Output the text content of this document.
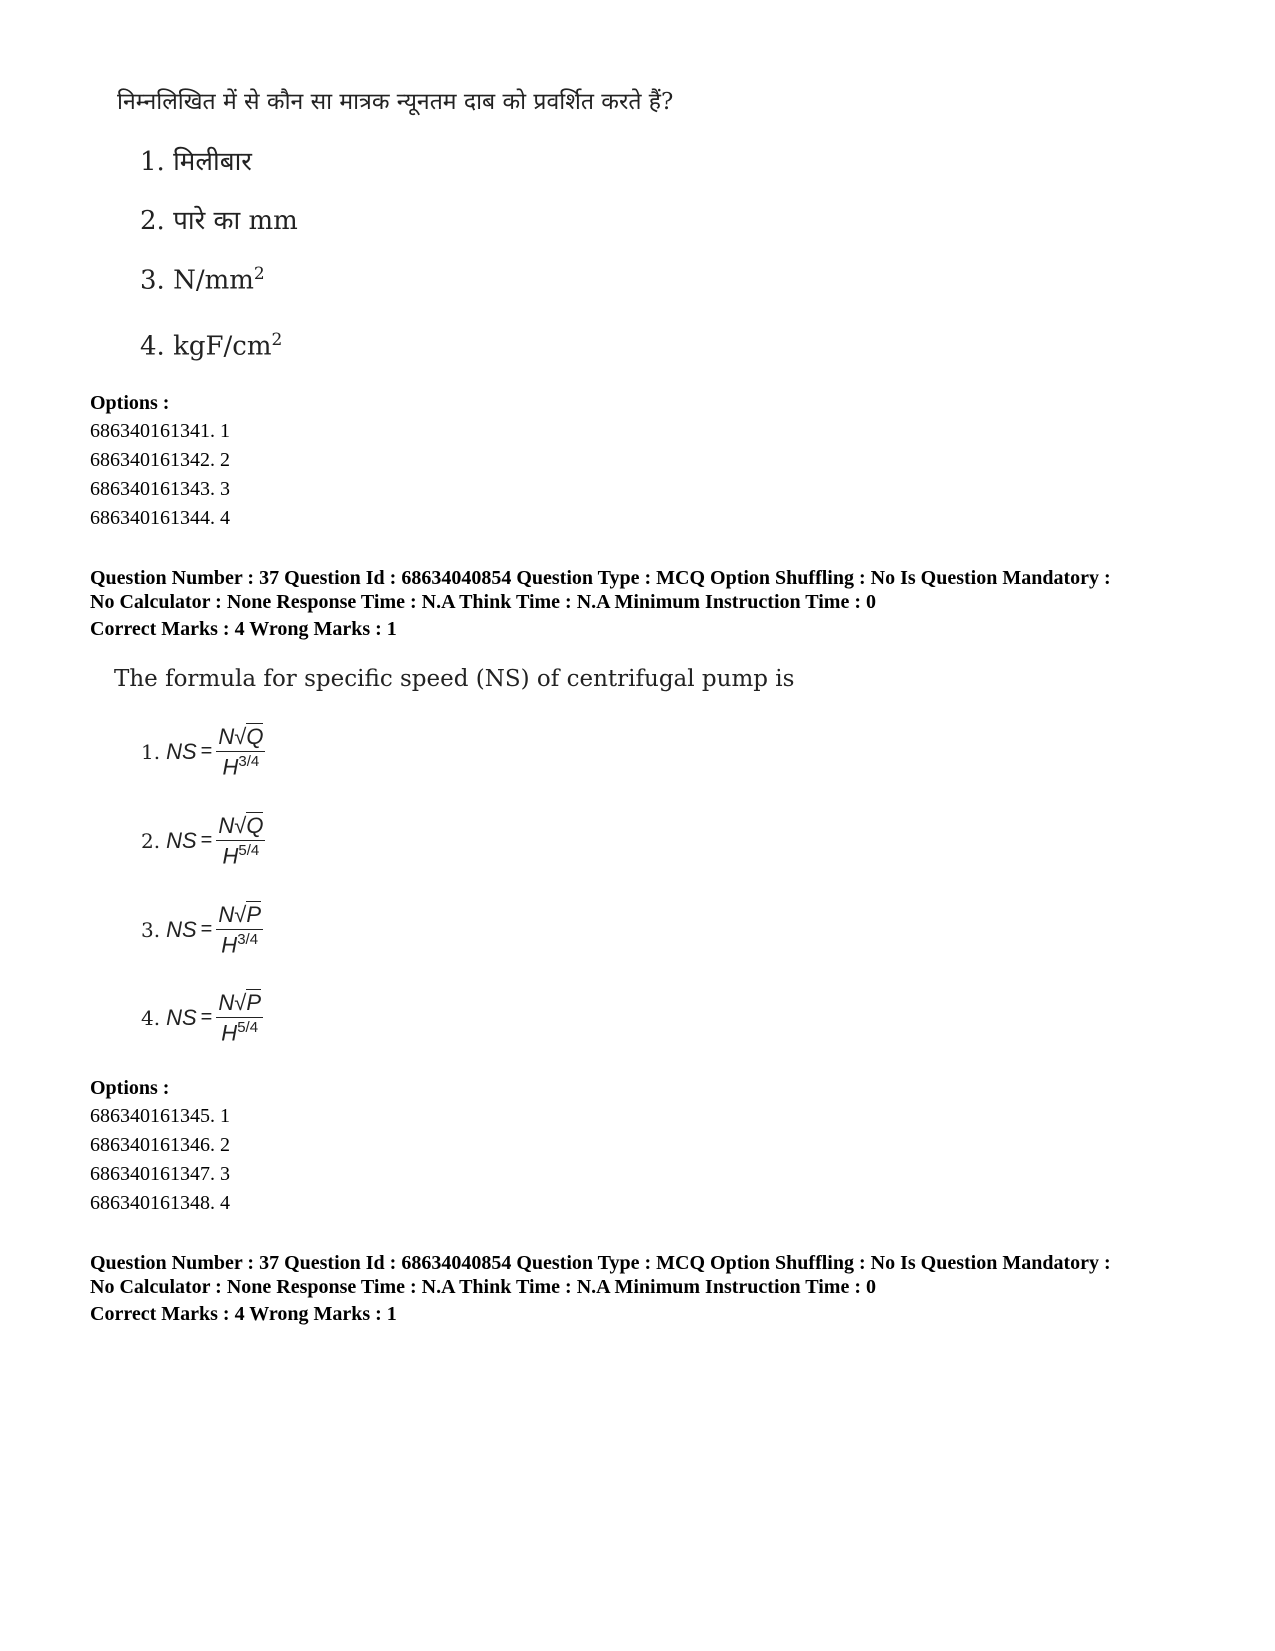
निम्नलिखित में से कौन सा मात्रक न्यूनतम दाब को प्रवर्शित करते हैं?
1. मिलीबार
2. पारे का mm
3. $N/mm^2$
4. kgF/$cm^2$
Options :
686340161341. 1
686340161342. 2
686340161343. 3
686340161344. 4
Question Number : 37 Question Id : 68634040854 Question Type : MCQ Option Shuffling : No Is Question Mandatory :
No Calculator : None Response Time : N.A Think Time : N.A Minimum Instruction Time : 0
Correct Marks : 4 Wrong Marks : 1
The formula for specific speed (NS) of centrifugal pump is
1. NS = $\frac{N √ Q}{H^{3/4}}$
2. NS = $\frac{N √ Q}{H^{5/4}}$
3. NS = $\frac{N √ P}{H^{3/4}}$
4. NS = $\frac{N √ P}{H^{5/4}}$
Options :
686340161345. 1
686340161346. 2
686340161347. 3
686340161348. 4
Question Number : 37 Question Id : 68634040854 Question Type : MCQ Option Shuffling : No Is Question Mandatory :
No Calculator : None Response Time : N.A Think Time : N.A Minimum Instruction Time : 0
Correct Marks : 4 Wrong Marks : 1
